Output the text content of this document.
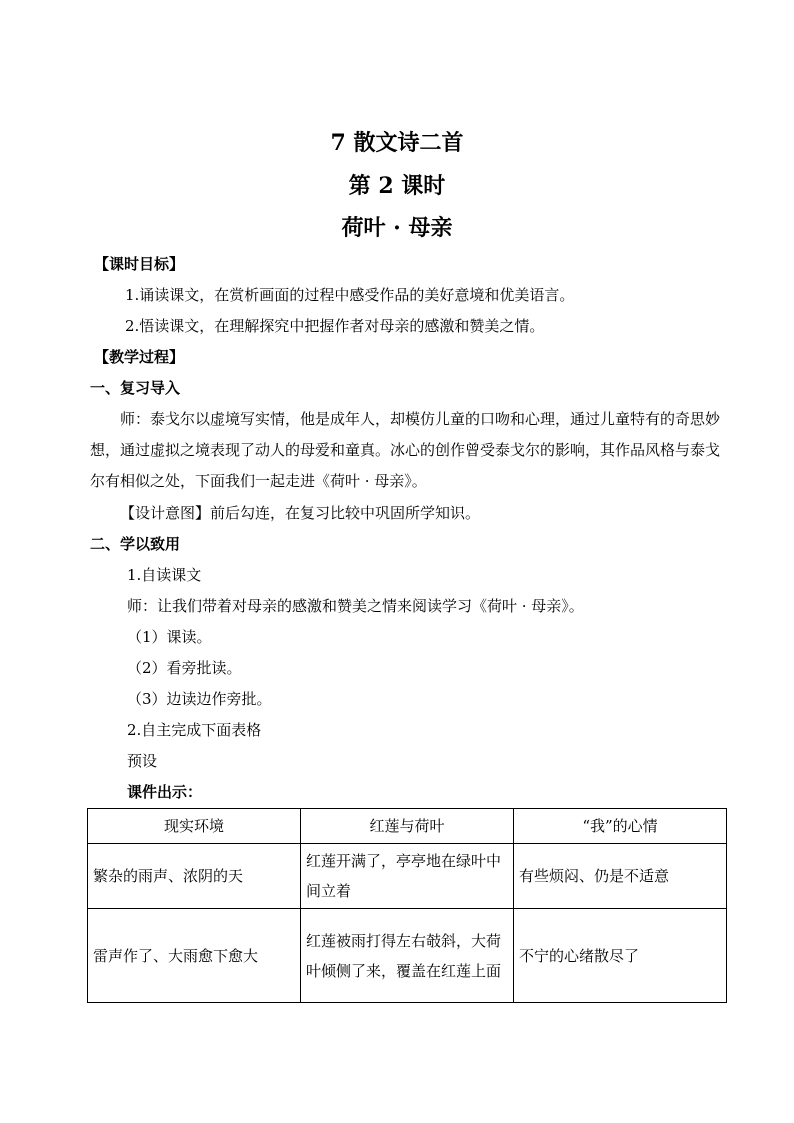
7 散文诗二首
第 2 课时
荷叶 · 母亲
【课时目标】
1.诵读课文，在赏析画面的过程中感受作品的美好意境和优美语言。
2.悟读课文，在理解探究中把握作者对母亲的感激和赞美之情。
【教学过程】
一、复习导入
师：泰戈尔以虚境写实情，他是成年人，却模仿儿童的口吻和心理，通过儿童特有的奇思妙想，通过虚拟之境表现了动人的母爱和童真。冰心的创作曾受泰戈尔的影响，其作品风格与泰戈尔有相似之处，下面我们一起走进《荷叶 · 母亲》。
【设计意图】前后勾连，在复习比较中巩固所学知识。
二、学以致用
1.自读课文
师：让我们带着对母亲的感激和赞美之情来阅读学习《荷叶 · 母亲》。
（1）课读。
（2）看旁批读。
（3）边读边作旁批。
2.自主完成下面表格
预设
课件出示：
现实环境	红莲与荷叶	“我”的心情
繁杂的雨声、浓阴的天	红莲开满了，亭亭地在绿叶中间立着	有些烦闷、仍是不适意
雷声作了、大雨愈下愈大	红莲被雨打得左右攲斜，大荷叶倾侧了来，覆盖在红莲上面	不宁的心绪散尽了
